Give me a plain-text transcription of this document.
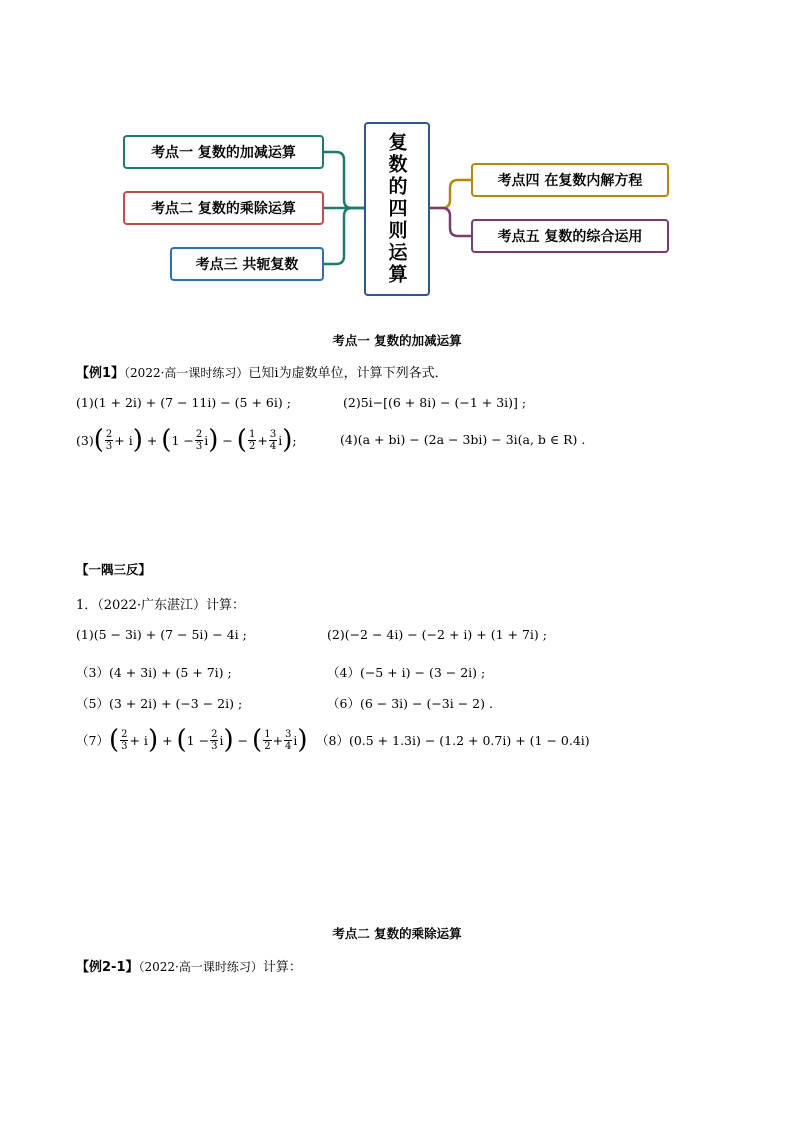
考点一 复数的加减运算
考点二 复数的乘除运算
考点三 共轭复数	复数的四则运算	考点四 在复数内解方程
考点五 复数的综合运用
考点一 复数的加减运算
【例1】（2022·高一课时练习）已知i为虚数单位，计算下列各式．
(1)(1 + 2i) + (7 − 11i) − (5 + 6i) ;	(2)5i−[(6 + 8i) − (−1 + 3i)] ;
(3) ( $\frac{2}{3} + i$ ) + ( $1 - \frac{2}{3}$ i ) − ( $\frac{1}{2} + \frac{3}{4}$ i ) ;	(4)(a + bi) − (2a − 3bi) − 3i(a, b ∈ R) .
【一隅三反】
1．（2022·广东湛江）计算：
(1)(5 − 3i) + (7 − 5i) − 4i ;	(2)(−2 − 4i) − (−2 + i) + (1 + 7i) ;
（3）(4 + 3i) + (5 + 7i) ;	（4）(−5 + i) − (3 − 2i) ;
（5）(3 + 2i) + (−3 − 2i) ;	（6）(6 − 3i) − (−3i − 2) .
（7） ( $\frac{2}{3} + i$ ) + ( $1 - \frac{2}{3}$ i ) − ( $\frac{1}{2} + \frac{3}{4}$ i ) （8）(0.5 + 1.3i) − (1.2 + 0.7i) + (1 − 0.4i)
考点二 复数的乘除运算
【例2-1】（2022·高一课时练习）计算：
